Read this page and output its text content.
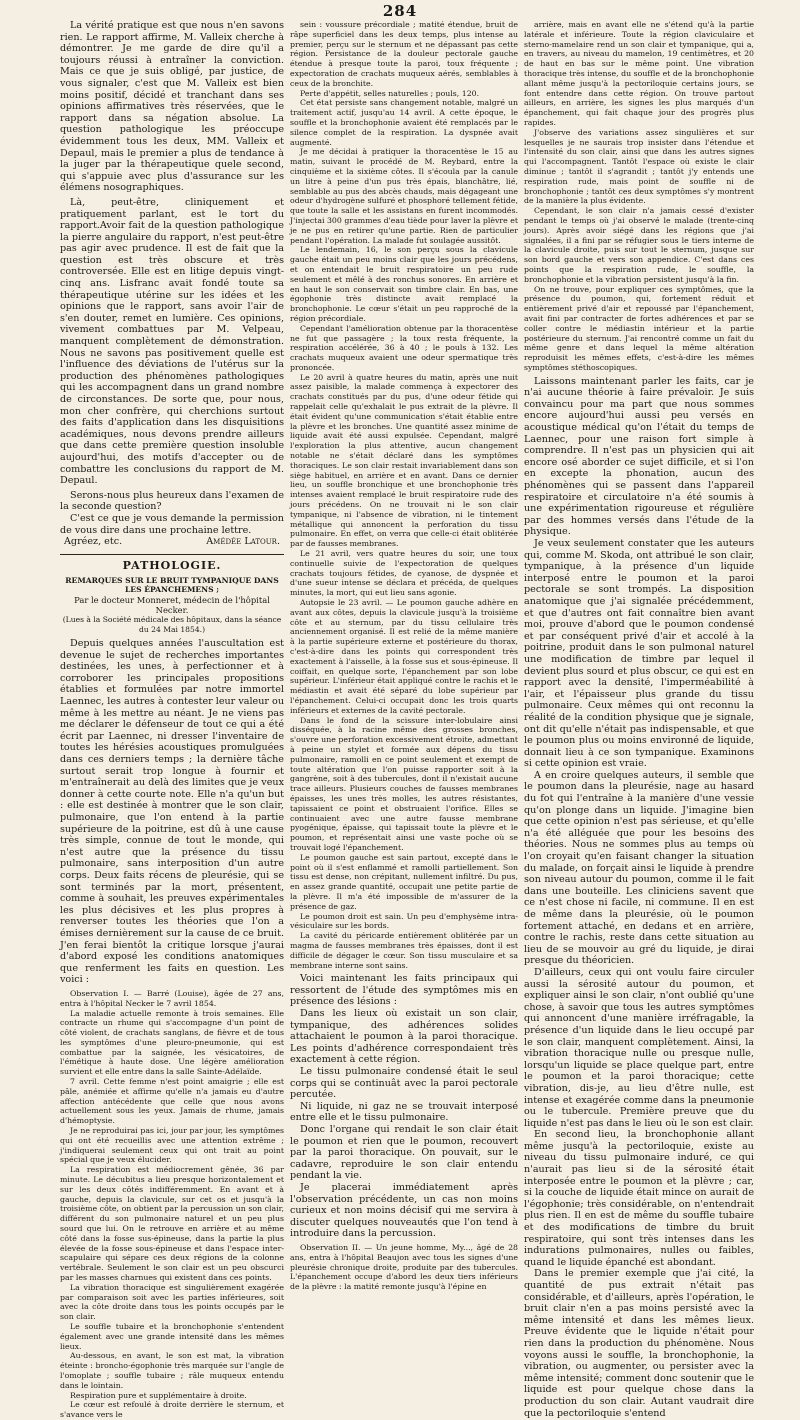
284

La vérité pratique est que nous n'en savons rien. Le rapport affirme, M. Valleix cherche à démontrer. Je me garde de dire qu'il a toujours réussi à entraîner la conviction. Mais ce que je suis obligé, par justice, de vous signaler, c'est que M. Valleix est bien moins positif, décidé et tranchant dans ses opinions affirmatives très réservées, que le rapport dans sa négation absolue. La question pathologique les préoccupe évidemment tous les deux, MM. Valleix et Depaul, mais le premier a plus de tendance à la juger par la thérapeutique quele second, qui s'appuie avec plus d'assurance sur les élémens nosographiques.

Là, peut-être, cliniquement et pratiquement parlant, est le tort du rapport.Avoir fait de la question pathologique la pierre angulaire du rapport, n'est peut-être pas agir avec prudence. Il est de fait que la question est très obscure et très controversée. Elle est en litige depuis vingt-cinq ans. Lisfranc avait fondé toute sa thérapeutique utérine sur les idées et les opinions que le rapport, sans avoir l'air de s'en douter, remet en lumière. Ces opinions, vivement combattues par M. Velpeau, manquent complètement de démonstration. Nous ne savons pas positivement quelle est l'influence des déviations de l'utérus sur la production des phénomènes pathologiques qui les accompagnent dans un grand nombre de circonstances. De sorte que, pour nous, mon cher confrère, qui cherchions surtout des faits d'application dans les disquisitions académiques, nous devons prendre ailleurs que dans cette première question insoluble aujourd'hui, des motifs d'accepter ou de combattre les conclusions du rapport de M. Depaul.

Serons-nous plus heureux dans l'examen de la seconde question?

C'est ce que je vous demande la permission de vous dire dans une prochaine lettre.

Agréez, etc.	Amédée Latour.
PATHOLOGIE.
REMARQUES SUR LE BRUIT TYMPANIQUE DANS LES ÉPANCHEMENS ;
Par le docteur Monneret, médecin de l'hôpital Necker.
(Lues à la Société médicale des hôpitaux, dans la séance du 24 Mai 1854.)

Depuis quelques années l'auscultation est devenue le sujet de recherches importantes destinées, les unes, à perfectionner et à corroborer les principales propositions établies et formulées par notre immortel Laennec, les autres à contester leur valeur ou même à les mettre au néant. Je ne viens pas me déclarer le défenseur de tout ce qui a été écrit par Laennec, ni dresser l'inventaire de toutes les hérésies acoustiques promulguées dans ces derniers temps ; la dernière tâche surtout serait trop longue à fournir et m'entraînerait au delà des limites que je veux donner à cette courte note. Elle n'a qu'un but : elle est destinée à montrer que le son clair, pulmonaire, que l'on entend à la partie supérieure de la poitrine, est dû à une cause très simple, connue de tout le monde, qui n'est autre que la présence du tissu pulmonaire, sans interposition d'un autre corps. Deux faits récens de pleurésie, qui se sont terminés par la mort, présentent, comme à souhait, les preuves expérimentales les plus décisives et les plus propres à renverser toutes les théories que l'on a émises dernièrement sur la cause de ce bruit. J'en ferai bientôt la critique lorsque j'aurai d'abord exposé les conditions anatomiques que renferment les faits en question. Les voici :

Observation I. — Barré (Louise), âgée de 27 ans, entra à l'hôpital Necker le 7 avril 1854.

La maladie actuelle remonte à trois semaines. Elle contracte un rhume qui s'accompagne d'un point de côté violent, de crachats sanglans, de fièvre et de tous les symptômes d'une pleuro-pneumonie, qui est combattue par la saignée, les vésicatoires, de l'émétique à haute dose. Une légère amélioration survient et elle entre dans la salle Sainte-Adélaïde.

7 avril. Cette femme n'est point amaigrie ; elle est pâle, anémiée et affirme qu'elle n'a jamais eu d'autre affection antécédente que celle que nous avons actuellement sous les yeux. Jamais de rhume, jamais d'hémoptysie.

Je ne reproduirai pas ici, jour par jour, les symptômes qui ont été recueillis avec une attention extrême ; j'indiquerai seulement ceux qui ont trait au point spécial que je veux élucider.

La respiration est médiocrement gênée, 36 par minute. Le décubitus a lieu presque horizontalement et sur les deux côtés indifféremment. En avant et à gauche, depuis la clavicule, sur cet os et jusqu'à la troisième côte, on obtient par la percussion un son clair, différent du son pulmonaire naturel et un peu plus sourd que lui. On le retrouve en arrière et au même côté dans la fosse sus-épineuse, dans la partie la plus élevée de la fosse sous-épineuse et dans l'espace inter-scapulaire qui sépare ces deux régions de la colonne vertébrale. Seulement le son clair est un peu obscurci par les masses charnues qui existent dans ces points.

La vibration thoracique est singulièrement exagérée par comparaison soit avec les parties inférieures, soit avec la côte droite dans tous les points occupés par le son clair.

Le souffle tubaire et la bronchophonie s'entendent également avec une grande intensité dans les mêmes lieux.

Au-dessous, en avant, le son est mat, la vibration éteinte : broncho-égophonie très marquée sur l'angle de l'omoplate ; souffle tubaire ; râle muqueux entendu dans le lointain.

Respiration pure et supplémentaire à droite.

Le cœur est refoulé à droite derrière le sternum, et s'avance vers le

sein : voussure précordiale ; matité étendue, bruit de râpe superficiel dans les deux temps, plus intense au premier, perçu sur le sternum et ne dépassant pas cette région. Persistance de la douleur pectorale gauche étendue à presque toute la paroi, toux fréquente ; expectoration de crachats muqueux aérés, semblables à ceux de la bronchite.

Perte d'appétit, selles naturelles ; pouls, 120.

Cet état persiste sans changement notable, malgré un traitement actif, jusqu'au 14 avril. A cette époque, le souffle et la bronchophonie avaient été remplacés par le silence complet de la respiration. La dyspnée avait augmenté.

Je me décidai à pratiquer la thoracentèse le 15 au matin, suivant le procédé de M. Reybard, entre la cinquième et la sixième côtes. Il s'écoula par la canule un litre à peine d'un pus très épais, blanchâtre, lié, semblable au pus des abcès chauds, mais dégageant une odeur d'hydrogène sulfuré et phosphoré tellement fétide, que toute la salle et les assistans en furent incommodés. J'injectai 300 grammes d'eau tiède pour laver la plèvre et je ne pus en retirer qu'une partie. Rien de particulier pendant l'opération. La malade fut soulagée aussitôt.

Le lendemain, 16, le son perçu sous la clavicule gauche était un peu moins clair que les jours précédens, et on entendait le bruit respiratoire un peu rude seulement et mêlé à des ronchus sonores. En arrière et en haut le son conservait son timbre clair. En bas, une égophonie très distincte avait remplacé la bronchophonie. Le cœur s'était un peu rapproché de la région précordiale.

Cependant l'amélioration obtenue par la thoracentèse ne fut que passagère ; la toux resta fréquente, la respiration accélérée, 36 à 40 ; le pouls à 132. Les crachats muqueux avaient une odeur spermatique très prononcée.

Le 20 avril à quatre heures du matin, après une nuit assez paisible, la malade commença à expectorer des crachats constitués par du pus, d'une odeur fétide qui rappelait celle qu'exhalait le pus extrait de la plèvre. Il était évident qu'une communication s'était établie entre la plèvre et les bronches. Une quantité assez minime de liquide avait été aussi expulsée. Cependant, malgré l'exploration la plus attentive, aucun changement notable ne s'était déclaré dans les symptômes thoraciques. Le son clair restait invariablement dans son siège habituel, en arrière et en avant. Dans ce dernier lieu, un souffle bronchique et une bronchophonie très intenses avaient remplacé le bruit respiratoire rude des jours précédens. On ne trouvait ni le son clair tympanique, ni l'absence de vibration, ni le tintement métallique qui annoncent la perforation du tissu pulmonaire. En effet, on verra que celle-ci était oblitérée par de fausses membranes.

Le 21 avril, vers quatre heures du soir, une toux continuelle suivie de l'expectoration de quelques crachats toujours fétides, de cyanose, de dyspnée et d'une sueur intense se déclara et précéda, de quelques minutes, la mort, qui eut lieu sans agonie.

Autopsie le 23 avril. — Le poumon gauche adhère en avant aux côtes, depuis la clavicule jusqu'à la troisième côte et au sternum, par du tissu cellulaire très anciennement organisé. Il est relié de la même manière à la partie supérieure externe et postérieure du thorax, c'est-à-dire dans les points qui correspondent très exactement à l'aisselle, à la fosse sus et sous-épineuse. Il coiffait, en quelque sorte, l'épanchement par son lobe supérieur. L'inférieur était appliqué contre le rachis et le médiastin et avait été séparé du lobe supérieur par l'épanchement. Celui-ci occupait donc les trois quarts inférieurs et externes de la cavité pectorale.

Dans le fond de la scissure inter-lobulaire ainsi disséquée, à la racine même des grosses bronches, s'ouvre une perforation excessivement étroite, admettant à peine un stylet et formée aux dépens du tissu pulmonaire, ramolli en ce point seulement et exempt de toute altération que l'on puisse rapporter soit à la gangrène, soit à des tubercules, dont il n'existait aucune trace ailleurs. Plusieurs couches de fausses membranes épaisses, les unes très molles, les autres résistantes, tapissaient ce point et obstruaient l'orifice. Elles se continuaient avec une autre fausse membrane pyogénique, épaisse, qui tapissait toute la plèvre et le poumon, et représentait ainsi une vaste poche où se trouvait logé l'épanchement.

Le poumon gauche est sain partout, excepté dans le point où il s'est enflammé et ramolli partiellement. Son tissu est dense, non crépitant, nullement infiltré. Du pus, en assez grande quantité, occupait une petite partie de la plèvre. Il m'a été impossible de m'assurer de la présence de gaz.

Le poumon droit est sain. Un peu d'emphysème intra-vésiculaire sur les bords.

La cavité du péricarde entièrement oblitérée par un magma de fausses membranes très épaisses, dont il est difficile de dégager le cœur. Son tissu musculaire et sa membrane interne sont sains.

Voici maintenant les faits principaux qui ressortent de l'étude des symptômes mis en présence des lésions :

Dans les lieux où existait un son clair, tympanique, des adhérences solides attachaient le poumon à la paroi thoracique. Les points d'adhérence correspondaient très exactement à cette région.

Le tissu pulmonaire condensé était le seul corps qui se continuât avec la paroi pectorale percutée.

Ni liquide, ni gaz ne se trouvait interposé entre elle et le tissu pulmonaire.

Donc l'organe qui rendait le son clair était le poumon et rien que le poumon, recouvert par la paroi thoracique. On pouvait, sur le cadavre, reproduire le son clair entendu pendant la vie.

Je placerai immédiatement après l'observation précédente, un cas non moins curieux et non moins décisif qui me servira à discuter quelques nouveautés que l'on tend à introduire dans la percussion.

Observation II. — Un jeune homme, My..., âgé de 28 ans, entra à l'hôpital Beaujon avec tous les signes d'une pleurésie chronique droite, produite par des tubercules. L'épanchement occupe d'abord les deux tiers inférieurs de la plèvre : la matité remonte jusqu'à l'épine en

arrière, mais en avant elle ne s'étend qu'à la partie latérale et inférieure. Toute la région claviculaire et sterno-mamelaire rend un son clair et tympanique, qui a, en travers, au niveau du mamelon, 19 centimètres, et 20 de haut en bas sur le même point. Une vibration thoracique très intense, du souffle et de la bronchophonie allant même jusqu'à la pectoriloquie certains jours, se font entendre dans cette région. On trouve partout ailleurs, en arrière, les signes les plus marqués d'un épanchement, qui fait chaque jour des progrès plus rapides.

J'observe des variations assez singulières et sur lesquelles je ne saurais trop insister dans l'étendue et l'intensité du son clair, ainsi que dans les autres signes qui l'accompagnent. Tantôt l'espace où existe le clair diminue ; tantôt il s'agrandit ; tantôt j'y entends une respiration rude, mais point de souffle ni de bronchophonie ; tantôt ces deux symptômes s'y montrent de la manière la plus évidente.

Cependant, le son clair n'a jamais cessé d'exister pendant le temps où j'ai observé le malade (trente-cinq jours). Après avoir siégé dans les régions que j'ai signalées, il a fini par se réfugier sous le tiers interne de la clavicule droite, puis sur tout le sternum, jusque sur son bord gauche et vers son appendice. C'est dans ces points que la respiration rude, le souffle, la bronchophonie et la vibration persistent jusqu'à la fin.

On ne trouve, pour expliquer ces symptômes, que la présence du poumon, qui, fortement réduit et entièrement privé d'air et repoussé par l'épanchement, avait fini par contracter de fortes adhérences et par se coller contre le médiastin intérieur et la partie postérieure du sternum. J'ai rencontré comme un fait du même genre et dans lequel la même altération reproduisit les mêmes effets, c'est-à-dire les mêmes symptômes stéthoscopiques.

Laissons maintenant parler les faits, car je n'ai aucune théorie à faire prévaloir. Je suis convaincu pour ma part que nous sommes encore aujourd'hui aussi peu versés en acoustique médical qu'on l'était du temps de Laennec, pour une raison fort simple à comprendre. Il n'est pas un physicien qui ait encore osé aborder ce sujet difficile, et si l'on en excepte la phonation, aucun des phénomènes qui se passent dans l'appareil respiratoire et circulatoire n'a été soumis à une expérimentation rigoureuse et régulière par des hommes versés dans l'étude de la physique.

Je veux seulement constater que les auteurs qui, comme M. Skoda, ont attribué le son clair, tympanique, à la présence d'un liquide interposé entre le poumon et la paroi pectorale se sont trompés. La disposition anatomique que j'ai signalée précédemment, et que d'autres ont fait connaître bien avant moi, prouve d'abord que le poumon condensé et par conséquent privé d'air et accolé à la poitrine, produit dans le son pulmonal naturel une modification de timbre par lequel il devient plus sourd et plus obscur, ce qui est en rapport avec la densité, l'imperméabilité à l'air, et l'épaisseur plus grande du tissu pulmonaire. Ceux mêmes qui ont reconnu la réalité de la condition physique que je signale, ont dit qu'elle n'était pas indispensable, et que le poumon plus ou moins environné de liquide, donnait lieu à ce son tympanique. Examinons si cette opinion est vraie.

A en croire quelques auteurs, il semble que le poumon dans la pleurésie, nage au hasard du fot qui l'entraîne à la manière d'une vessie qu'on plonge dans un liquide. J'imagine bien que cette opinion n'est pas sérieuse, et qu'elle n'a été alléguée que pour les besoins des théories. Nous ne sommes plus au temps où l'on croyait qu'en faisant changer la situation du malade, on forçait ainsi le liquide à prendre son niveau autour du poumon, comme il le fait dans une bouteille. Les cliniciens savent que ce n'est chose ni facile, ni commune. Il en est de même dans la pleurésie, où le poumon fortement attaché, en dedans et en arrière, contre le rachis, reste dans cette situation au lieu de se mouvoir au gré du liquide, je dirai presque du théoricien.

D'ailleurs, ceux qui ont voulu faire circuler aussi la sérosité autour du poumon, et expliquer ainsi le son clair, n'ont oublié qu'une chose, à savoir que tous les autres symptômes qui annoncent d'une manière irréfragable, la présence d'un liquide dans le lieu occupé par le son clair, manquent complètement. Ainsi, la vibration thoracique nulle ou presque nulle, lorsqu'un liquide se place quelque part, entre le poumon et la paroi thoracique; cette vibration, dis-je, au lieu d'être nulle, est intense et exagérée comme dans la pneumonie ou le tubercule. Première preuve que du liquide n'est pas dans le lieu où le son est clair.

En second lieu, la bronchophonie allant même jusqu'à la pectoriloquie, existe au niveau du tissu pulmonaire induré, ce qui n'aurait pas lieu si de la sérosité était interposée entre le poumon et la plèvre ; car, si la couche de liquide était mince on aurait de l'égophonie; très considérable, on n'entendrait plus rien. Il en est de même du souffle tubaire et des modifications de timbre du bruit respiratoire, qui sont très intenses dans les indurations pulmonaires, nulles ou faibles, quand le liquide épanché est abondant.

Dans le premier exemple que j'ai cité, la quantité de pus extrait n'était pas considérable, et d'ailleurs, après l'opération, le bruit clair n'en a pas moins persisté avec la même intensité et dans les mêmes lieux. Preuve évidente que le liquide n'était pour rien dans la production du phénomène. Nous voyons aussi le souffle, la bronchophonie, la vibration, ou augmenter, ou persister avec la même intensité; comment donc soutenir que le liquide est pour quelque chose dans la production du son clair. Autant vaudrait dire que la pectoriloquie s'entend
